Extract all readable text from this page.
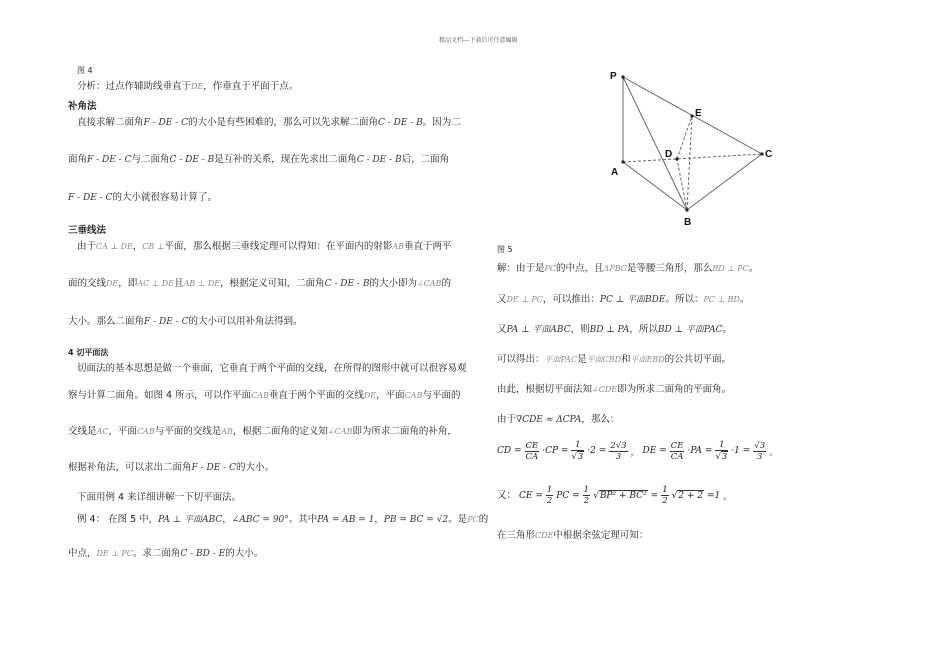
精品文档---下载后可任意编辑
图 4
分析：过点作辅助线垂直于DE，作垂直于平面于点。
补角法
直接求解二面角F - DE - C的大小是有些困难的，那么可以先求解二面角C - DE - B。因为二
面角F - DE - C与二面角C - DE - B是互补的关系，现在先求出二面角C - DE - B后，二面角
F - DE - C的大小就很容易计算了。
三垂线法
由于CA ⊥ DE，CB ⊥平面，那么根据三垂线定理可以得知：在平面内的射影AB垂直于两平
面的交线DE，即AC ⊥ DE且AB ⊥ DE，根据定义可知，二面角C - DE - B的大小即为∠CAB的
大小。那么二面角F - DE - C的大小可以用补角法得到。
4 切平面法
切面法的基本思想是做一个垂面，它垂直于两个平面的交线，在所得的图形中就可以很容易观
察与计算二面角。如图 4 所示，可以作平面CAB垂直于两个平面的交线DE，平面CAB与平面的
交线是AC，平面CAB与平面的交线是AB，根据二面角的定义知∠CAB即为所求二面角的补角，
根据补角法，可以求出二面角F - DE - C的大小。
下面用例 4 来详细讲解一下切平面法。
例 4： 在图 5 中，PA ⊥ 平面ABC，∠ABC = 90°。其中PA = AB = 1，PB = BC = √2。是PC的
中点，DE ⊥ PC。求二面角C - BD - E的大小。
P
E
D	C
A
B
图 5
解：由于是PC的中点，且ΔPBC是等腰三角形，那么BD ⊥ PC。
又DE ⊥ PC，可以推出：PC ⊥ 平面BDE。所以：PC ⊥ BD。
又PA ⊥ 平面ABC，则BD ⊥ PA，所以BD ⊥ 平面PAC。
可以得出：平面PAC是平面CBD和平面EBD的公共切平面。
由此，根据切平面法知∠CDE即为所求二面角的平面角。
由于∇CDE ≈ ΔCPA，那么：
CD = $\frac{CE}{CA} \cdot CP = \frac{1}{√3} \cdot 2 = \frac{2√3}{3}$ ， DE = $\frac{CE}{CA} \cdot PA = \frac{1}{√3} \cdot 1 = \frac{√3}{3}$ 。
又： CE = $\frac{1}{2}$ PC = $\frac{1}{2} √BP^2 + BC^2 = \frac{1}{2} √2 + 2 =1$ ，
在三角形CDE中根据余弦定理可知：
